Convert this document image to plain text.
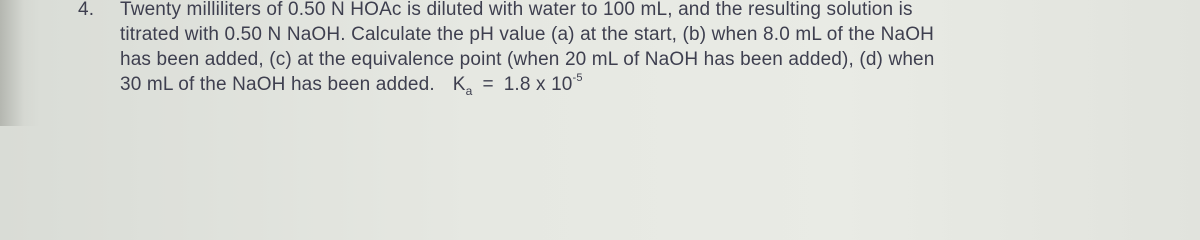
4. Twenty milliliters of 0.50 N HOAc is diluted with water to 100 mL, and the resulting solution is
titrated with 0.50 N NaOH. Calculate the pH value (a) at the start, (b) when 8.0 mL of the NaOH
has been added, (c) at the equivalence point (when 20 mL of NaOH has been added), (d) when
30 mL of the NaOH has been added. $K_a = 1.8$ x $10^{-5}$
